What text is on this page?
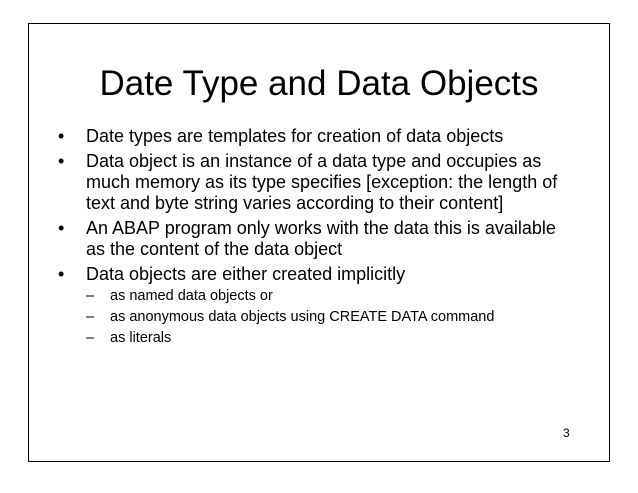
Date Type and Data Objects
• Date types are templates for creation of data objects
• Data object is an instance of a data type and occupies as much memory as its type specifies [exception: the length of text and byte string varies according to their content]
• An ABAP program only works with the data this is available as the content of the data object
• Data objects are either created implicitly
– as named data objects or
– as anonymous data objects using CREATE DATA command
– as literals
3
